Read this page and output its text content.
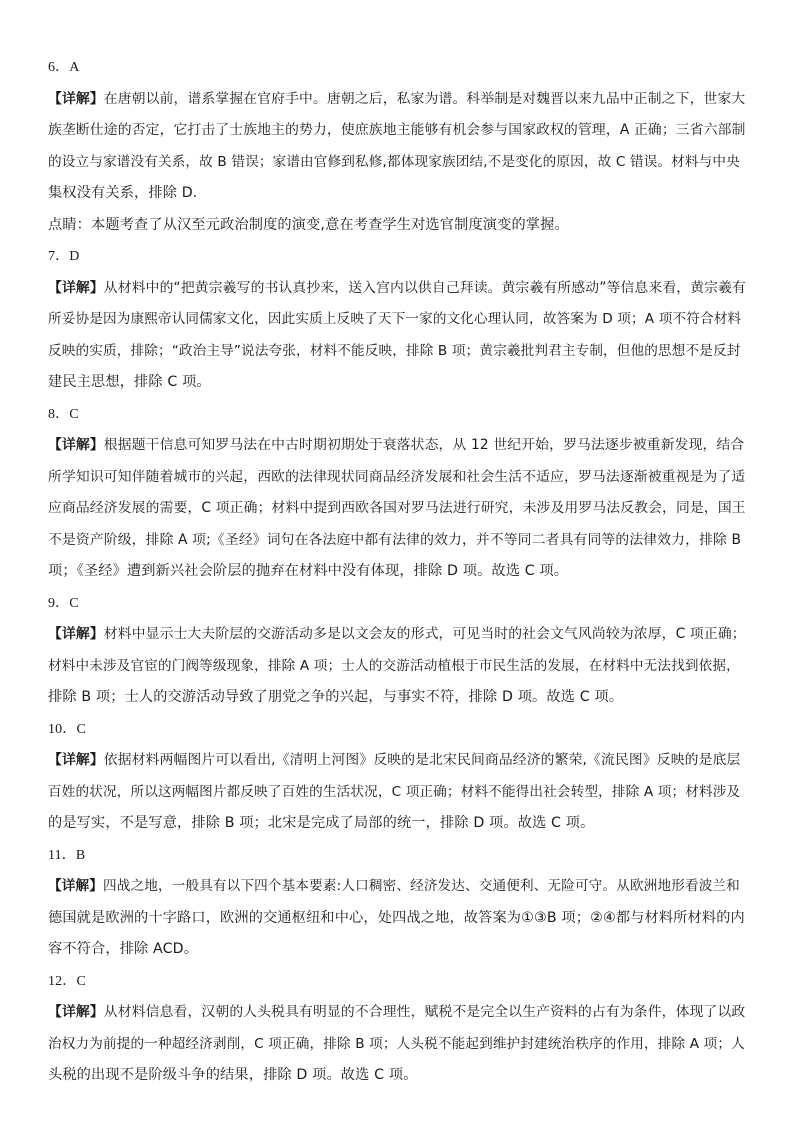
6．A
【详解】在唐朝以前，谱系掌握在官府手中。唐朝之后，私家为谱。科举制是对魏晋以来九品中正制之下，世家大
族垄断仕途的否定，它打击了士族地主的势力，使庶族地主能够有机会参与国家政权的管理，A 正确；三省六部制
的设立与家谱没有关系，故 B 错误；家谱由官修到私修,都体现家族团结,不是变化的原因，故 C 错误。材料与中央
集权没有关系，排除 D.
点睛：本题考查了从汉至元政治制度的演变,意在考查学生对选官制度演变的掌握。
7．D
【详解】从材料中的“把黄宗羲写的书认真抄来，送入宫内以供自己拜读。黄宗羲有所感动”等信息来看，黄宗羲有
所妥协是因为康熙帝认同儒家文化，因此实质上反映了天下一家的文化心理认同，故答案为 D 项；A 项不符合材料
反映的实质，排除；“政治主导”说法夸张，材料不能反映，排除 B 项；黄宗羲批判君主专制，但他的思想不是反封
建民主思想，排除 C 项。
8．C
【详解】根据题干信息可知罗马法在中古时期初期处于衰落状态，从 12 世纪开始，罗马法逐步被重新发现，结合
所学知识可知伴随着城市的兴起，西欧的法律现状同商品经济发展和社会生活不适应，罗马法逐渐被重视是为了适
应商品经济发展的需要，C 项正确；材料中提到西欧各国对罗马法进行研究，未涉及用罗马法反教会，同是，国王
不是资产阶级，排除 A 项;《圣经》词句在各法庭中都有法律的效力，并不等同二者具有同等的法律效力，排除 B
项；《圣经》遭到新兴社会阶层的抛弃在材料中没有体现，排除 D 项。故选 C 项。
9．C
【详解】材料中显示士大夫阶层的交游活动多是以文会友的形式，可见当时的社会文气风尚较为浓厚，C 项正确；
材料中未涉及官宦的门阀等级现象，排除 A 项；士人的交游活动植根于市民生活的发展，在材料中无法找到依据，
排除 B 项；士人的交游活动导致了朋党之争的兴起，与事实不符，排除 D 项。故选 C 项。
10．C
【详解】依据材料两幅图片可以看出,《清明上河图》反映的是北宋民间商品经济的繁荣,《流民图》反映的是底层
百姓的状况，所以这两幅图片都反映了百姓的生活状况，C 项正确；材料不能得出社会转型，排除 A 项；材料涉及
的是写实，不是写意，排除 B 项；北宋是完成了局部的统一，排除 D 项。故选 C 项。
11．B
【详解】四战之地，一般具有以下四个基本要素:人口稠密、经济发达、交通便利、无险可守。从欧洲地形看波兰和
德国就是欧洲的十字路口，欧洲的交通枢纽和中心，处四战之地，故答案为①③B 项；②④都与材料所材料的内
容不符合，排除 ACD。
12．C
【详解】从材料信息看，汉朝的人头税具有明显的不合理性，赋税不是完全以生产资料的占有为条件，体现了以政
治权力为前提的一种超经济剥削，C 项正确，排除 B 项；人头税不能起到维护封建统治秩序的作用，排除 A 项；人
头税的出现不是阶级斗争的结果，排除 D 项。故选 C 项。
